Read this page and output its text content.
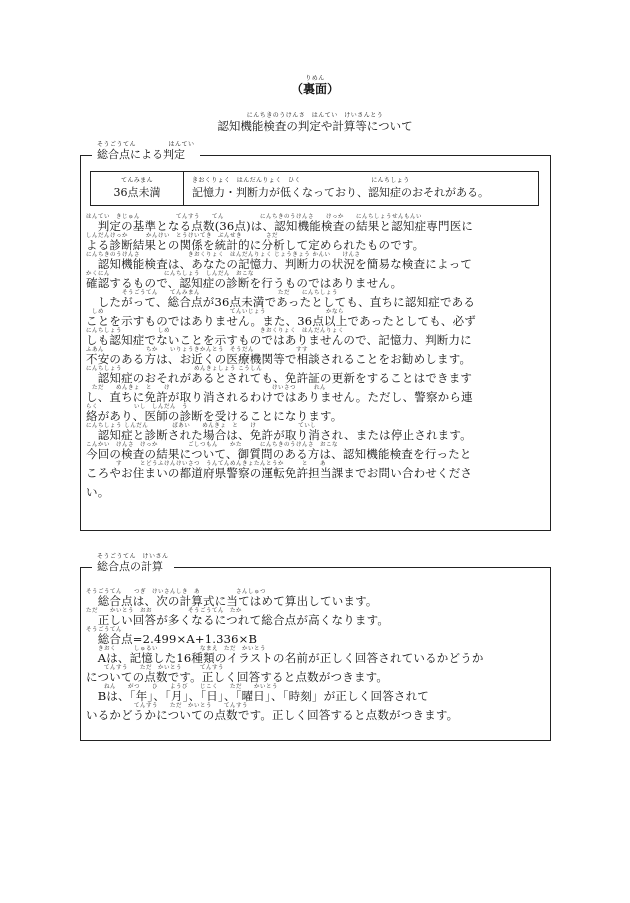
りめん
（裏面）
にんちきのうけんさ　はんてい　けいさんとう
認知機能検査の判定や計算等について
そうごうてん　　　　　はんてい
総合点による判定
てんみまん
36点未満
きおくりょく　はんだんりょく　ひく　　　　　　　　　　　にんちしょう
記憶力・判断力が低くなっており、認知症のおそれがある。
はんてい　きじゅん　　　　　　てんすう　　てん　　　　　　にんちきのうけんさ　　けっか　　にんちしょうせんもんい
　判定の基準となる点数(36点)は、認知機能検査の結果と認知症専門医に
しんだんけっか　　　かんけい　とうけいてき　ぶんせき　　　　さだ
よる診断結果との関係を統計的に分析して定められたものです。
にんちきのうけんさ　　　　　　　　きおくりょく　はんだんりょく じょうきょう かんい　　けんさ
　認知機能検査は、あなたの記憶力、判断力の状況を簡易な検査によって
かくにん　　　　　　　　　にんちしょう　しんだん　おこな
確認するもので、認知症の診断を行うものではありません。
　　　　　　そうごうてん　　てんみまん　　　　　　　　　　　　　ただ　　にんちしょう
　したがって、総合点が36点未満であったとしても、直ちに認知症である
　しめ　　　　　　　　　　　　　　　　　　　　　てんいじょう　　　　　　　　　　かなら
ことを示すものではありません。また、36点以上であったとしても、必ず
にんちしょう　　　　　　しめ　　　　　　　　　　　　　　　きおくりょく　はんだんりょく
しも認知症でないことを示すものではありませんので、記憶力、判断力に
ふあん　　　　　　　ちか　　いりょうきかんとう　そうだん　　　　　　　すす
不安のある方は、お近くの医療機関等で相談されることをお勧めします。
にんちしょう　　　　　　　　　　　　めんきょしょう こうしん
　認知症のおそれがあるとされても、免許証の更新をすることはできます
　ただ　　めんきょ　と　　け　　　　　　　　　　　　　　　　　けいさつ　　　れん
し、直ちに免許が取り消されるわけではありません。ただし、警察から連
らく　　　　　　いし　しんだん　う
絡があり、医師の診断を受けることになります。
にんちしょう しんだん　　　　ばあい　　めんきょ　と　　け　　　　　　　ていし
　認知症と診断された場合は、免許が取り消され、または停止されます。
こんかい　けんさ　けっか　　　　　ごしつもん　　かた　　　にんちきのうけんさ　おこな
今回の検査の結果について、御質問のある方は、認知機能検査を行ったと
　　　　　す　　　とどうふけんけいさつ　うんてんめんきょたんとうか　　　と　　あ
ころやお住まいの都道府県警察の運転免許担当課までお問い合わせくださ
い。
そうごうてん　けいさん
総合点の計算
そうごうてん　　つぎ　けいさんしき　あ　　　　　　さんしゅつ
　総合点は、次の計算式に当てはめて算出しています。
ただ　　かいとう　おお　　　　　　そうごうてん　たか
　正しい回答が多くなるにつれて総合点が高くなります。
そうごうてん
　総合点=2.499×A+1.336×B
　　きおく　　　しゅるい　　　　　　　なまえ　ただ　かいとう
　Aは、記憶した16種類のイラストの名前が正しく回答されているかどうか
　　　てんすう　　ただ　かいとう　　　てんすう
についての点数です。正しく回答すると点数がつきます。
　　　ねん　　がつ　　ひ　　ようび　　じこく　　ただ　　かいとう
　Bは、「年」、「月」、「日」、「曜日」、「時刻」が正しく回答されて
　　　　　　　　てんすう　　ただ　かいとう　　てんすう
いるかどうかについての点数です。正しく回答すると点数がつきます。
